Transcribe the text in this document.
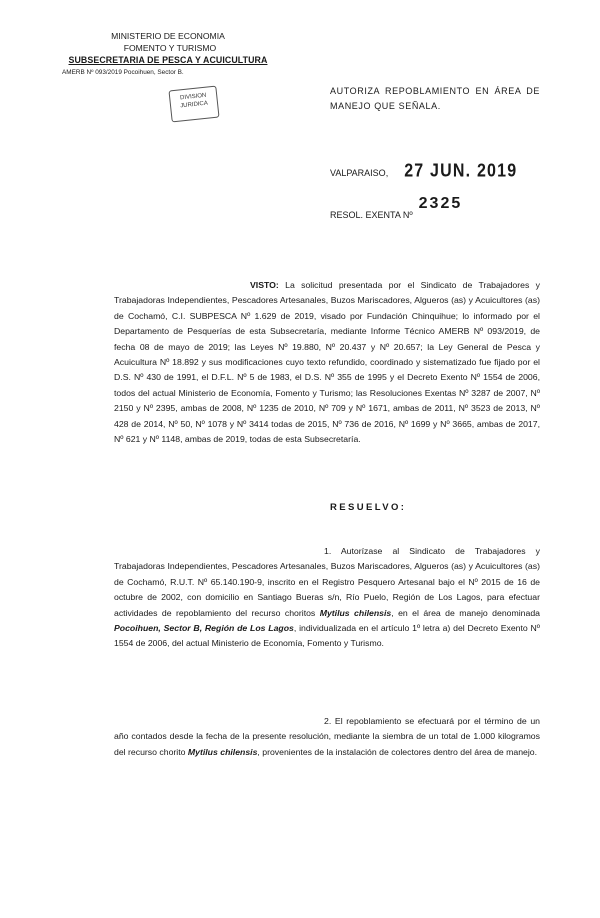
MINISTERIO DE ECONOMIA
FOMENTO Y TURISMO
SUBSECRETARIA DE PESCA Y ACUICULTURA
AMERB Nº 093/2019 Pocoihuen, Sector B.
DIVISION
JURIDICA
AUTORIZA REPOBLAMIENTO EN ÁREA DE MANEJO QUE SEÑALA.
VALPARAISO, 27 JUN. 2019
RESOL. EXENTA Nº
2325

VISTO: La solicitud presentada por el Sindicato de Trabajadores y Trabajadoras Independientes, Pescadores Artesanales, Buzos Mariscadores, Algueros (as) y Acuicultores (as) de Cochamó, C.I. SUBPESCA Nº 1.629 de 2019, visado por Fundación Chinquihue; lo informado por el Departamento de Pesquerías de esta Subsecretaría, mediante Informe Técnico AMERB Nº 093/2019, de fecha 08 de mayo de 2019; las Leyes Nº 19.880, Nº 20.437 y Nº 20.657; la Ley General de Pesca y Acuicultura Nº 18.892 y sus modificaciones cuyo texto refundido, coordinado y sistematizado fue fijado por el D.S. Nº 430 de 1991, el D.F.L. Nº 5 de 1983, el D.S. Nº 355 de 1995 y el Decreto Exento Nº 1554 de 2006, todos del actual Ministerio de Economía, Fomento y Turismo; las Resoluciones Exentas Nº 3287 de 2007, Nº 2150 y Nº 2395, ambas de 2008, Nº 1235 de 2010, Nº 709 y Nº 1671, ambas de 2011, Nº 3523 de 2013, Nº 428 de 2014, Nº 50, Nº 1078 y Nº 3414 todas de 2015, Nº 736 de 2016, Nº 1699 y Nº 3665, ambas de 2017, Nº 621 y Nº 1148, ambas de 2019, todas de esta Subsecretaría.

RESUELVO:

1. Autorízase al Sindicato de Trabajadores y Trabajadoras Independientes, Pescadores Artesanales, Buzos Mariscadores, Algueros (as) y Acuicultores (as) de Cochamó, R.U.T. Nº 65.140.190-9, inscrito en el Registro Pesquero Artesanal bajo el Nº 2015 de 16 de octubre de 2002, con domicilio en Santiago Bueras s/n, Río Puelo, Región de Los Lagos, para efectuar actividades de repoblamiento del recurso choritos Mytilus chilensis, en el área de manejo denominada Pocoihuen, Sector B, Región de Los Lagos, individualizada en el artículo 1º letra a) del Decreto Exento Nº 1554 de 2006, del actual Ministerio de Economía, Fomento y Turismo.

2. El repoblamiento se efectuará por el término de un año contados desde la fecha de la presente resolución, mediante la siembra de un total de 1.000 kilogramos del recurso chorito Mytilus chilensis, provenientes de la instalación de colectores dentro del área de manejo.
